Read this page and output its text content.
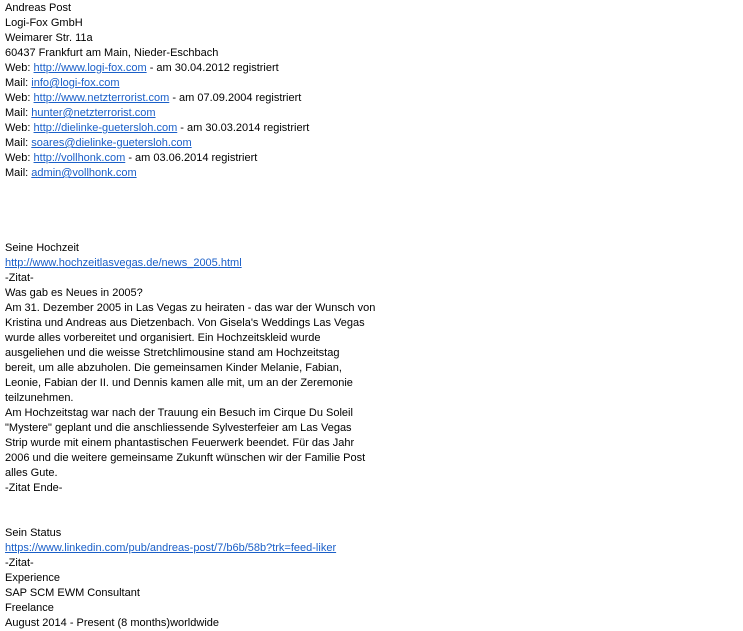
Andreas Post
Logi-Fox GmbH
Weimarer Str. 11a
60437 Frankfurt am Main, Nieder-Eschbach
Web: http://www.logi-fox.com - am 30.04.2012 registriert
Mail: info@logi-fox.com
Web: http://www.netzterrorist.com - am 07.09.2004 registriert
Mail: hunter@netzterrorist.com
Web: http://dielinke-guetersloh.com - am 30.03.2014 registriert
Mail: soares@dielinke-guetersloh.com
Web: http://vollhonk.com - am 03.06.2014 registriert
Mail: admin@vollhonk.com
Seine Hochzeit
http://www.hochzeitlasvegas.de/news_2005.html
-Zitat-
Was gab es Neues in 2005?
Am 31. Dezember 2005 in Las Vegas zu heiraten - das war der Wunsch von
Kristina und Andreas aus Dietzenbach. Von Gisela's Weddings Las Vegas
wurde alles vorbereitet und organisiert. Ein Hochzeitskleid wurde
ausgeliehen und die weisse Stretchlimousine stand am Hochzeitstag
bereit, um alle abzuholen. Die gemeinsamen Kinder Melanie, Fabian,
Leonie, Fabian der II. und Dennis kamen alle mit, um an der Zeremonie
teilzunehmen.
Am Hochzeitstag war nach der Trauung ein Besuch im Cirque Du Soleil
"Mystere" geplant und die anschliessende Sylvesterfeier am Las Vegas
Strip wurde mit einem phantastischen Feuerwerk beendet. Für das Jahr
2006 und die weitere gemeinsame Zukunft wünschen wir der Familie Post
alles Gute.
-Zitat Ende-
Sein Status
https://www.linkedin.com/pub/andreas-post/7/b6b/58b?trk=feed-liker
-Zitat-
Experience
SAP SCM EWM Consultant
Freelance
August 2014 - Present (8 months)worldwide
